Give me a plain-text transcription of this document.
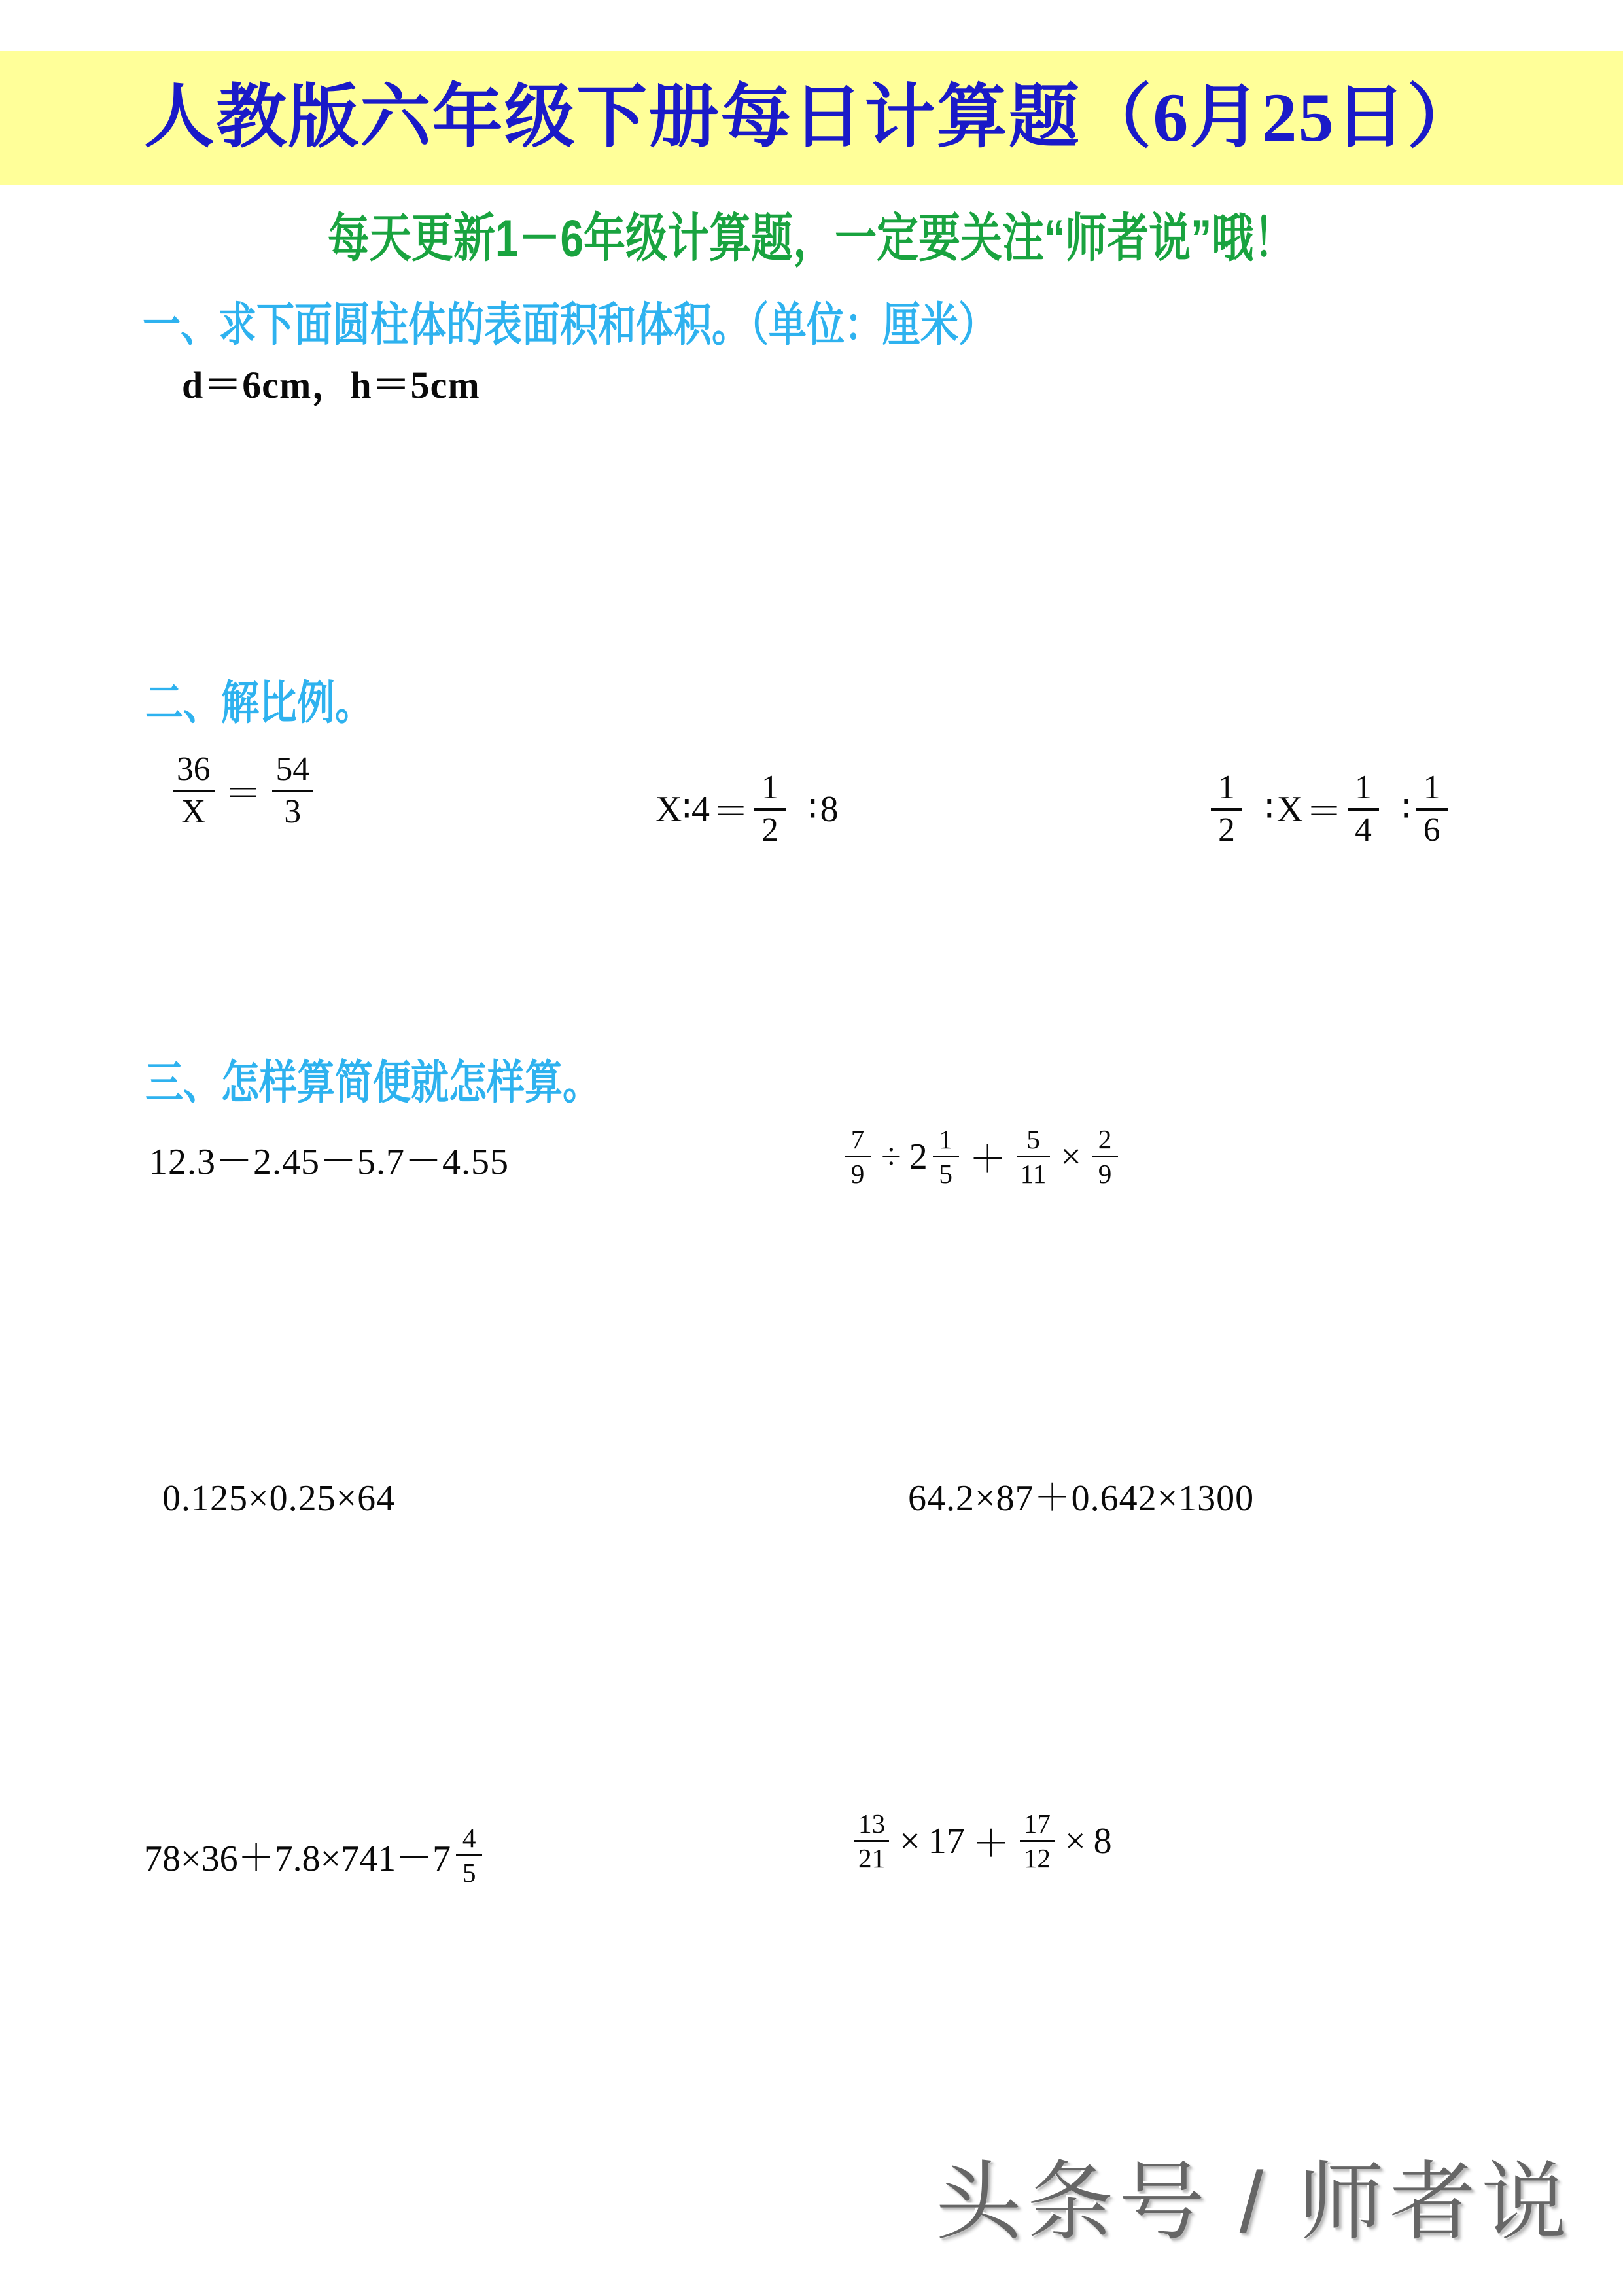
人教版六年级下册每日计算题（6月25日）
每天更新1－6年级计算题，一定要关注“师者说”哦！
一、求下面圆柱体的表面积和体积。（单位：厘米）
d＝6cm，h＝5cm
二、解比例。
$\frac{36}{X} = \frac{54}{3}$	X∶4 ＝ $\frac{1}{2}$ ∶ 8	$\frac{1}{2}$ ∶ $X = \frac{1}{4}$ ∶ $\frac{1}{6}$
三、怎样算简便就怎样算。
12.3－2.45－5.7－4.55	$\frac{7}{9} \div 2 \frac{1}{5} + \frac{5}{11} \times \frac{2}{9}$
0.125×0.25×64	64.2×87＋0.642×1300
$78\times 36+7.8\times 741-7 \frac{4}{5}$	$\frac{13}{21} \times 17 + \frac{17}{12} \times 8$
头条号 / 师者说
